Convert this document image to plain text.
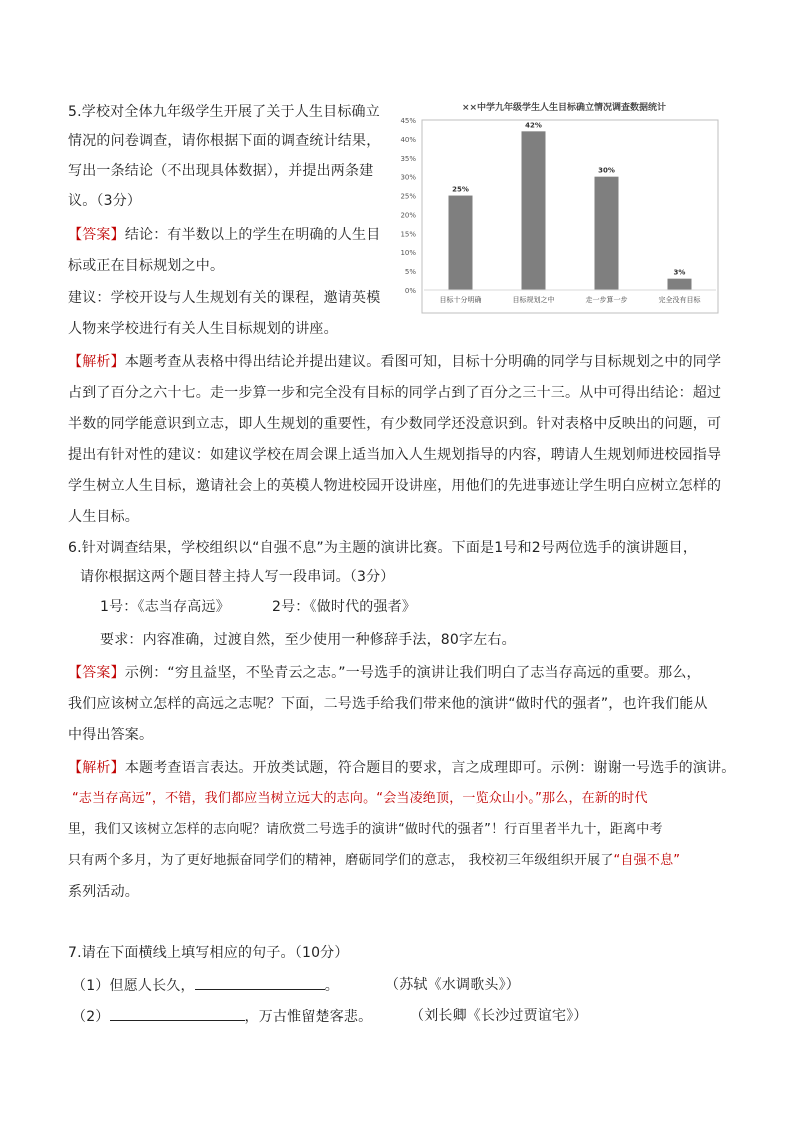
5.学校对全体九年级学生开展了关于人生目标确立
情况的问卷调查，请你根据下面的调查统计结果，
写出一条结论（不出现具体数据），并提出两条建
议。（3分）
【答案】结论：有半数以上的学生在明确的人生目
标或正在目标规划之中。
建议：学校开设与人生规划有关的课程，邀请英模
人物来学校进行有关人生目标规划的讲座。
【解析】本题考查从表格中得出结论并提出建议。看图可知，目标十分明确的同学与目标规划之中的同学
占到了百分之六十七。走一步算一步和完全没有目标的同学占到了百分之三十三。从中可得出结论：超过
半数的同学能意识到立志，即人生规划的重要性，有少数同学还没意识到。针对表格中反映出的问题，可
提出有针对性的建议：如建议学校在周会课上适当加入人生规划指导的内容，聘请人生规划师进校园指导
学生树立人生目标，邀请社会上的英模人物进校园开设讲座，用他们的先进事迹让学生明白应树立怎样的
人生目标。
××中学九年级学生人生目标确立情况调查数据统计
0%
5%
10%
15%
20%
25%
30%
35%
40%
45%
25%
42%
30%
3%
目标十分明确	目标规划之中	走一步算一步	完全没有目标
6.针对调查结果，学校组织以“自强不息”为主题的演讲比赛。下面是1号和2号两位选手的演讲题目，
请你根据这两个题目替主持人写一段串词。（3分）
1号：《志当存高远》	2号：《做时代的强者》
要求：内容准确，过渡自然，至少使用一种修辞手法，80字左右。
【答案】示例：“穷且益坚，不坠青云之志。”一号选手的演讲让我们明白了志当存高远的重要。那么，
我们应该树立怎样的高远之志呢？下面，二号选手给我们带来他的演讲“做时代的强者”，也许我们能从
中得出答案。
【解析】本题考查语言表达。开放类试题，符合题目的要求，言之成理即可。示例：谢谢一号选手的演讲。
“志当存高远”，不错，我们都应当树立远大的志向。“会当凌绝顶，一览众山小。”那么，在新的时代
里，我们又该树立怎样的志向呢？请欣赏二号选手的演讲“做时代的强者”！行百里者半九十，距离中考
只有两个多月，为了更好地振奋同学们的精神，磨砺同学们的意志， 我校初三年级组织开展了“自强不息”
系列活动。
7.请在下面横线上填写相应的句子。（10分）
（1）但愿人长久，	。	（苏轼《水调歌头》）
（2）	，万古惟留楚客悲。	（刘长卿《长沙过贾谊宅》）
